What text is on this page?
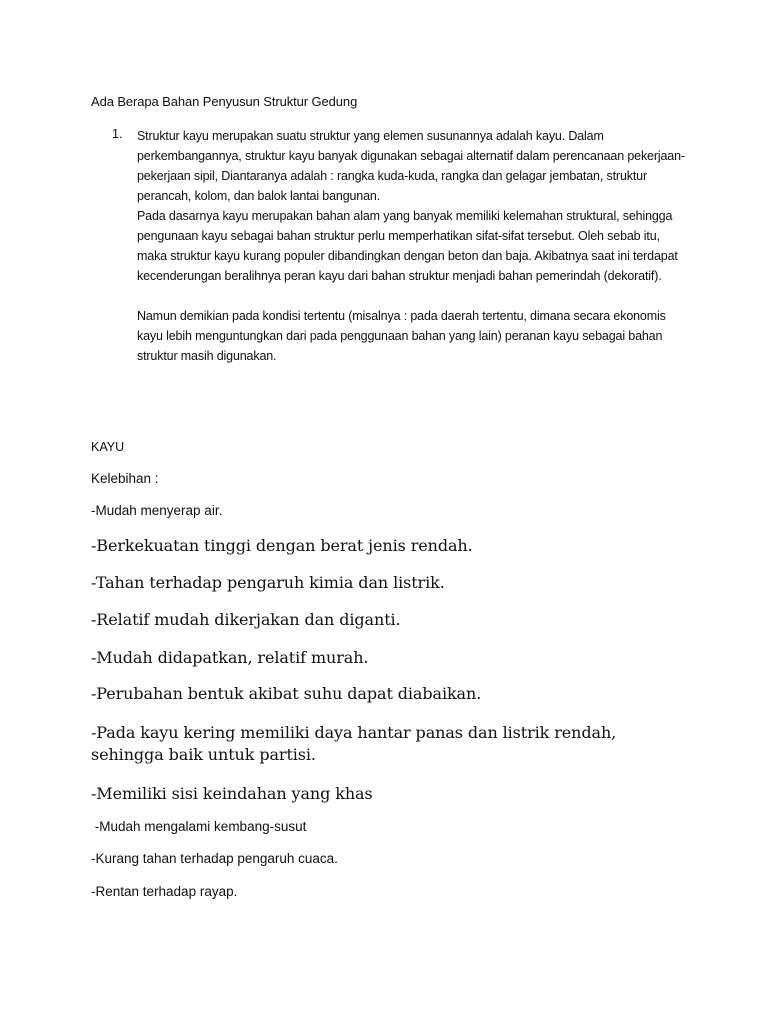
Ada Berapa Bahan Penyusun Struktur Gedung
1. Struktur kayu merupakan suatu struktur yang elemen susunannya adalah kayu. Dalam perkembangannya, struktur kayu banyak digunakan sebagai alternatif dalam perencanaan pekerjaan-pekerjaan sipil, Diantaranya adalah : rangka kuda-kuda, rangka dan gelagar jembatan, struktur perancah, kolom, dan balok lantai bangunan.

Pada dasarnya kayu merupakan bahan alam yang banyak memiliki kelemahan struktural, sehingga pengunaan kayu sebagai bahan struktur perlu memperhatikan sifat-sifat tersebut. Oleh sebab itu, maka struktur kayu kurang populer dibandingkan dengan beton dan baja. Akibatnya saat ini terdapat kecenderungan beralihnya peran kayu dari bahan struktur menjadi bahan pemerindah (dekoratif).

Namun demikian pada kondisi tertentu (misalnya : pada daerah tertentu, dimana secara ekonomis kayu lebih menguntungkan dari pada penggunaan bahan yang lain) peranan kayu sebagai bahan struktur masih digunakan.

KAYU
Kelebihan :
-Mudah menyerap air.
-Berkekuatan tinggi dengan berat jenis rendah.
-Tahan terhadap pengaruh kimia dan listrik.
-Relatif mudah dikerjakan dan diganti.
-Mudah didapatkan, relatif murah.
-Perubahan bentuk akibat suhu dapat diabaikan.
-Pada kayu kering memiliki daya hantar panas dan listrik rendah, sehingga baik untuk partisi.
-Memiliki sisi keindahan yang khas
-Mudah mengalami kembang-susut
-Kurang tahan terhadap pengaruh cuaca.
-Rentan terhadap rayap.
